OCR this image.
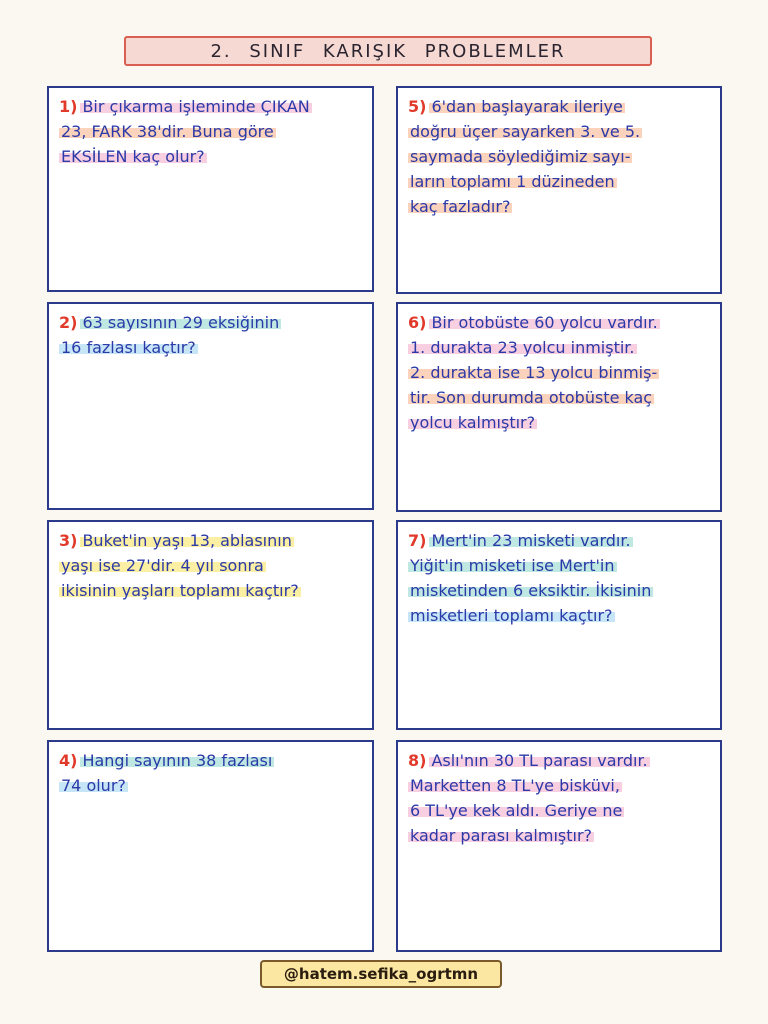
2. SINIF KARIŞIK PROBLEMLER
1) Bir çıkarma işleminde ÇIKAN
23, FARK 38'dir. Buna göre
EKSİLEN kaç olur?
2) 63 sayısının 29 eksiğinin
16 fazlası kaçtır?
3) Buket'in yaşı 13, ablasının
yaşı ise 27'dir. 4 yıl sonra
ikisinin yaşları toplamı kaçtır?
4) Hangi sayının 38 fazlası
74 olur?
5) 6'dan başlayarak ileriye
doğru üçer sayarken 3. ve 5.
saymada söylediğimiz sayı-
ların toplamı 1 düzineden
kaç fazladır?
6) Bir otobüste 60 yolcu vardır.
1. durakta 23 yolcu inmiştir.
2. durakta ise 13 yolcu binmiş-
tir. Son durumda otobüste kaç
yolcu kalmıştır?
7) Mert'in 23 misketi vardır.
Yiğit'in misketi ise Mert'in
misketinden 6 eksiktir. İkisinin
misketleri toplamı kaçtır?
8) Aslı'nın 30 TL parası vardır.
Marketten 8 TL'ye bisküvi,
6 TL'ye kek aldı. Geriye ne
kadar parası kalmıştır?
@hatem.sefika_ogrtmn
